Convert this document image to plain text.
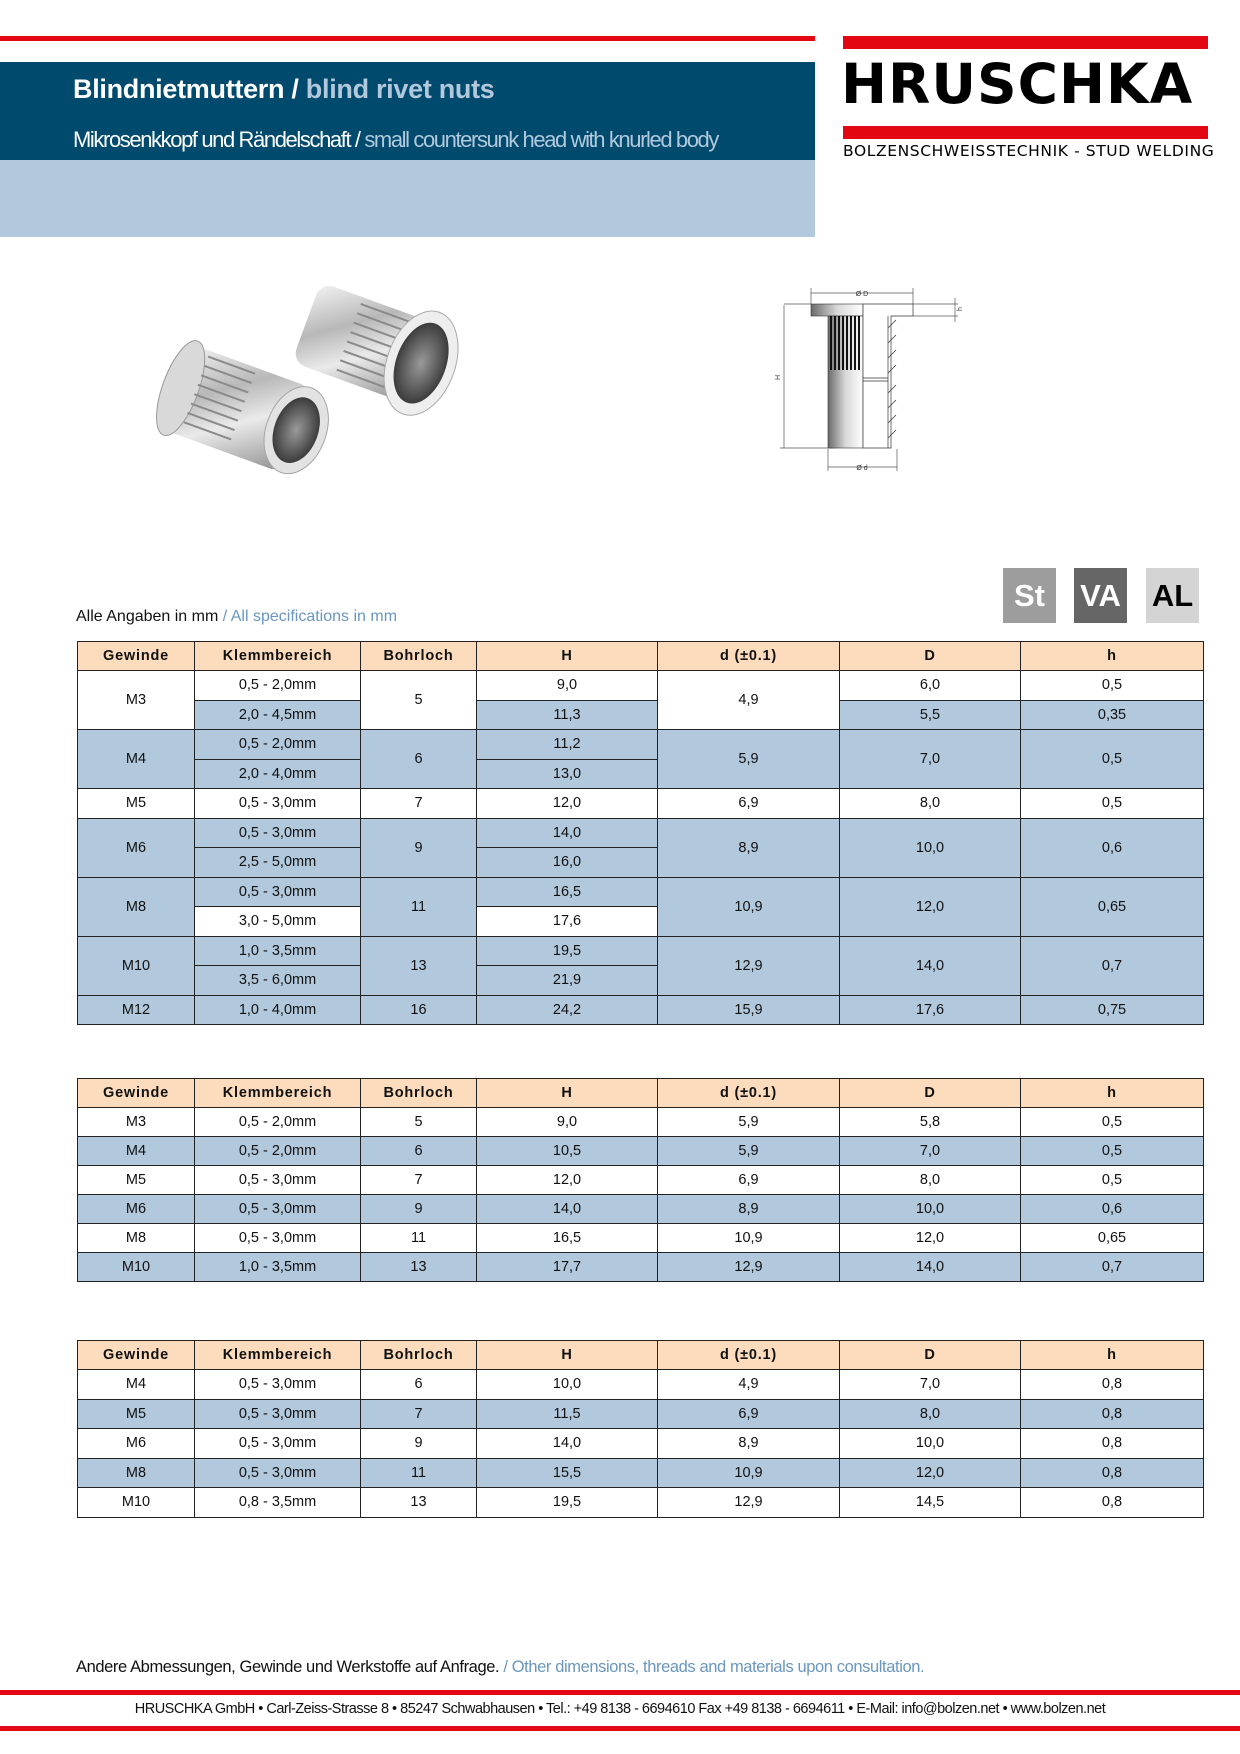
Blindnietmuttern / blind rivet nuts
Mikrosenkkopf und Rändelschaft / small countersunk head with knurled body
HRUSCHKA
BOLZENSCHWEISSTECHNIK - STUD WELDING
Ø D
H
h
Ø d
St	VA AL
Alle Angaben in mm / All specifications in mm
Gewinde	Klemmbereich	Bohrloch	H	d (±0.1)	D	h
M3	0,5 - 2,0mm	5	9,0	4,9	6,0	0,5
	2,0 - 4,5mm		11,3		5,5	0,35
M4	0,5 - 2,0mm	6	11,2	5,9	7,0	0,5
	2,0 - 4,0mm		13,0			
M5	0,5 - 3,0mm	7	12,0	6,9	8,0	0,5
M6	0,5 - 3,0mm	9	14,0	8,9	10,0	0,6
	2,5 - 5,0mm		16,0			
M8	0,5 - 3,0mm	11	16,5	10,9	12,0	0,65
	3,0 - 5,0mm		17,6			
M10	1,0 - 3,5mm	13	19,5	12,9	14,0	0,7
	3,5 - 6,0mm		21,9			
M12	1,0 - 4,0mm	16	24,2	15,9	17,6	0,75
Gewinde	Klemmbereich	Bohrloch	H	d (±0.1)	D	h
M3	0,5 - 2,0mm	5	9,0	5,9	5,8	0,5
M4	0,5 - 2,0mm	6	10,5	5,9	7,0	0,5
M5	0,5 - 3,0mm	7	12,0	6,9	8,0	0,5
M6	0,5 - 3,0mm	9	14,0	8,9	10,0	0,6
M8	0,5 - 3,0mm	11	16,5	10,9	12,0	0,65
M10	1,0 - 3,5mm	13	17,7	12,9	14,0	0,7
Gewinde	Klemmbereich	Bohrloch	H	d (±0.1)	D	h
M4	0,5 - 3,0mm	6	10,0	4,9	7,0	0,8
M5	0,5 - 3,0mm	7	11,5	6,9	8,0	0,8
M6	0,5 - 3,0mm	9	14,0	8,9	10,0	0,8
M8	0,5 - 3,0mm	11	15,5	10,9	12,0	0,8
M10	0,8 - 3,5mm	13	19,5	12,9	14,5	0,8
Andere Abmessungen, Gewinde und Werkstoffe auf Anfrage. / Other dimensions, threads and materials upon consultation.
HRUSCHKA GmbH • Carl-Zeiss-Strasse 8 • 85247 Schwabhausen • Tel.: +49 8138 - 6694610 Fax +49 8138 - 6694611 • E-Mail: info@bolzen.net • www.bolzen.net
